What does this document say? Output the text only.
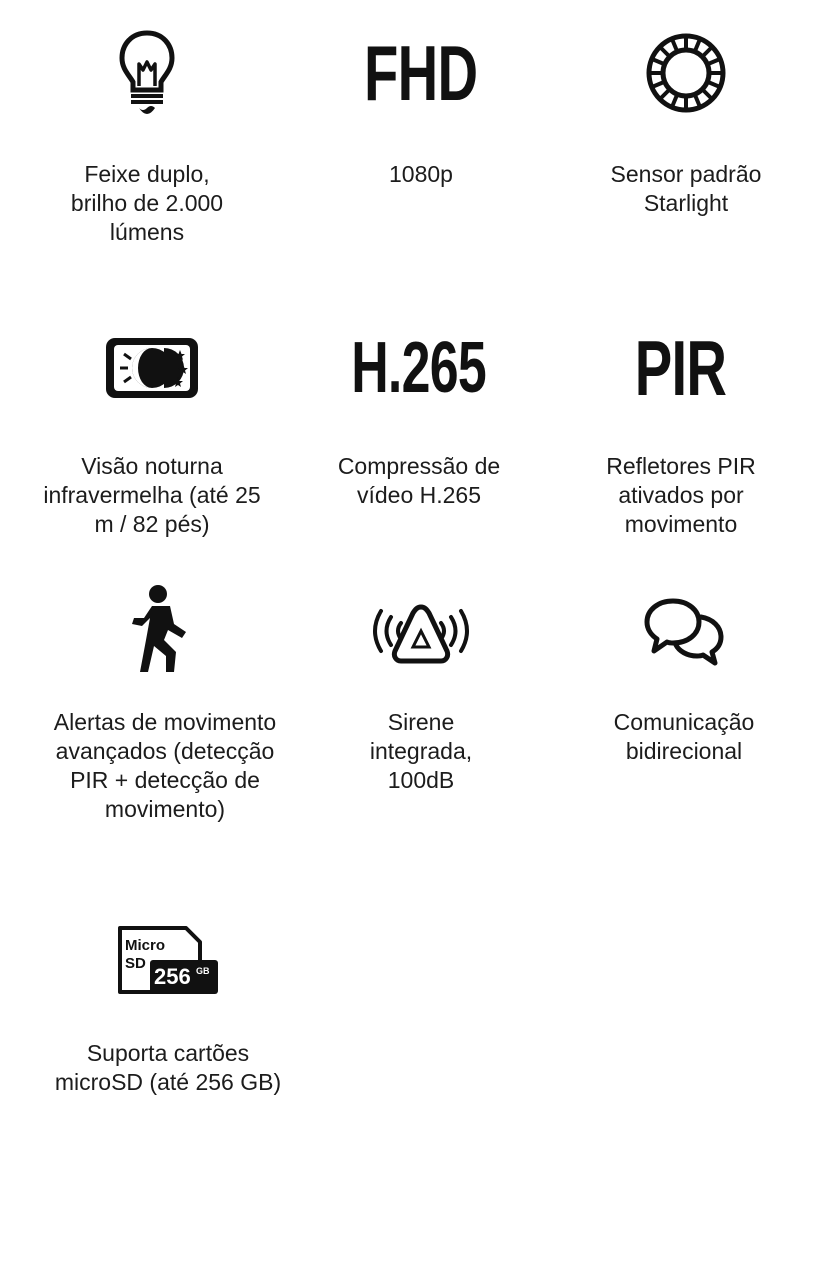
Feixe duplo,
brilho de 2.000
lúmens
FHD
1080p	Sensor padrão
Starlight
Visão noturna
infravermelha (até 25
m / 82 pés)
H.265
Compressão de
vídeo H.265
PIR
Refletores PIR
ativados por
movimento
Alertas de movimento
avançados (detecção
PIR + detecção de
movimento)
Sirene
integrada,
100dB
Comunicação
bidirecional
Micro
SD
256 GB
Suporta cartões
microSD (até 256 GB)
